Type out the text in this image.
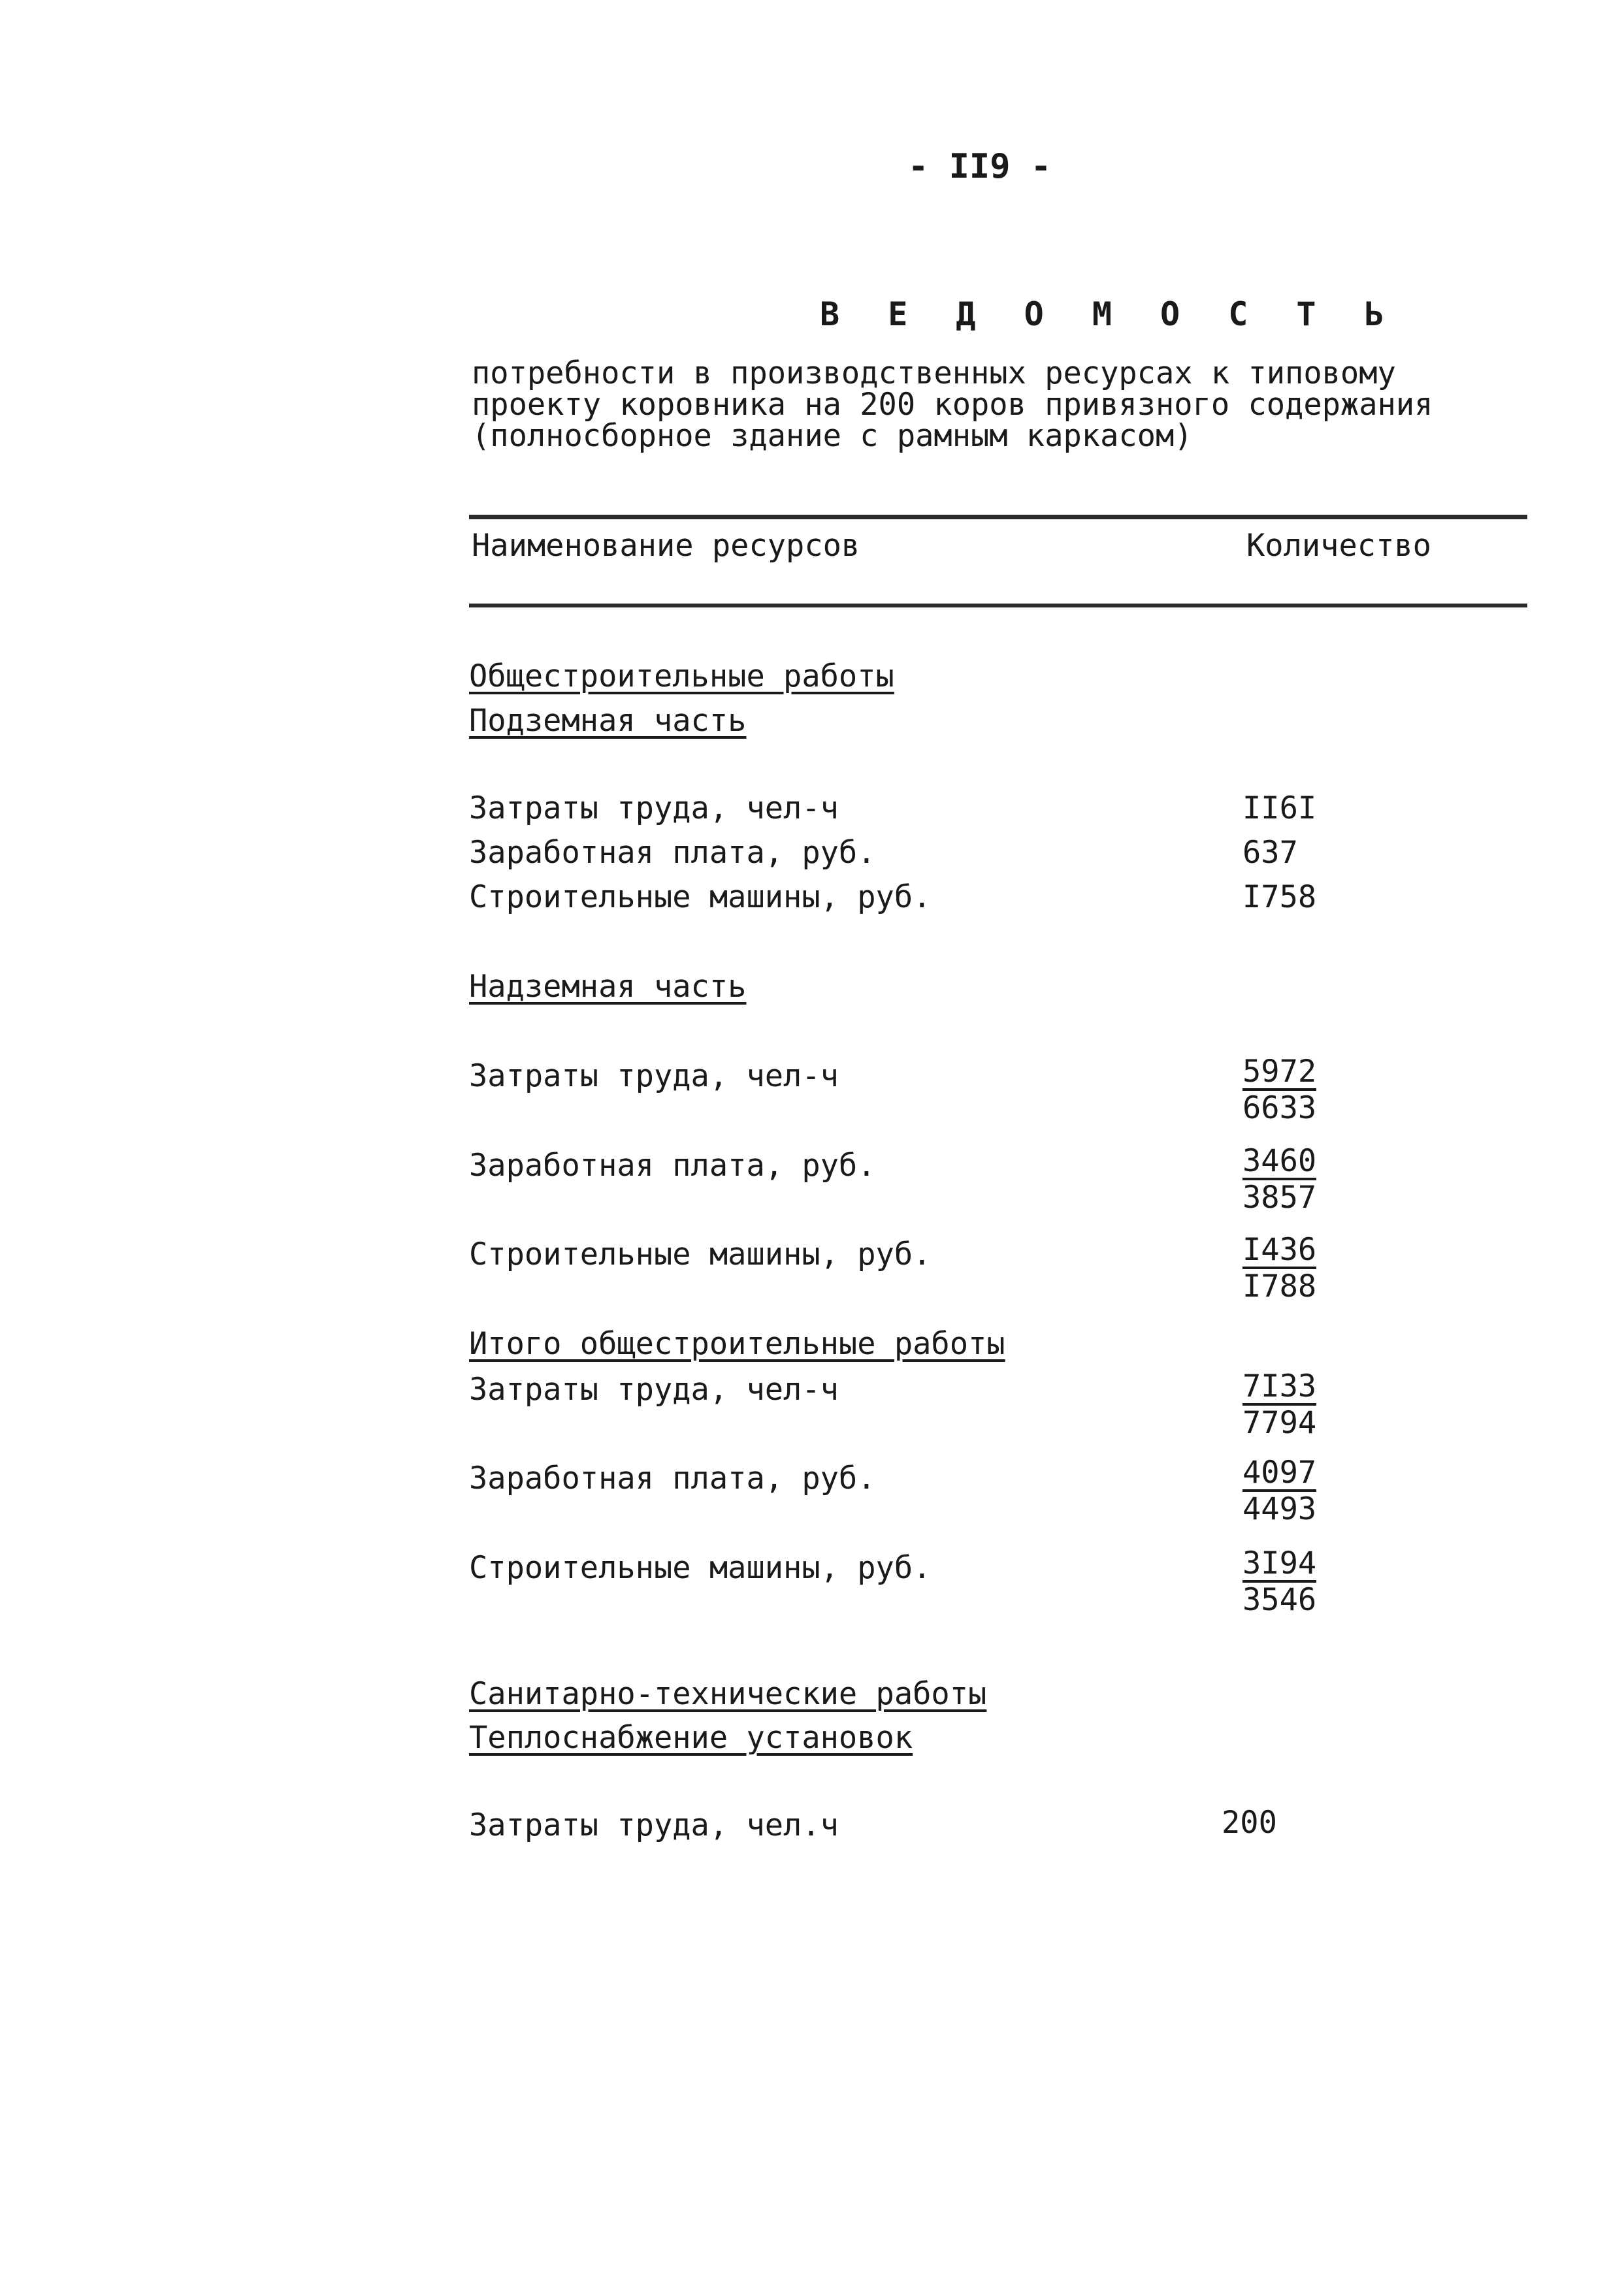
- II9 -
В Е Д О М О С Т Ь
потребности в производственных ресурсах к типовому
проекту коровника на 200 коров привязного содержания
(полносборное здание с рамным каркасом)
Наименование ресурсов	Количество
Общестроительные работы
Подземная часть
Затраты труда, чел-ч	II6I
Заработная плата, руб.	637
Строительные машины, руб.	I758
Надземная часть
Затраты труда, чел-ч	$\frac{5972}{6633}$
Заработная плата, руб.	$\frac{3460}{3857}$
Строительные машины, руб.	$\frac{I436}{I788}$
Итого общестроительные работы
Затраты труда, чел-ч	$\frac{7I33}{7794}$
Заработная плата, руб.	$\frac{4097}{4493}$
Строительные машины, руб.	$\frac{3I94}{3546}$
Санитарно-технические работы
Теплоснабжение установок
Затраты труда, чел.ч	200
